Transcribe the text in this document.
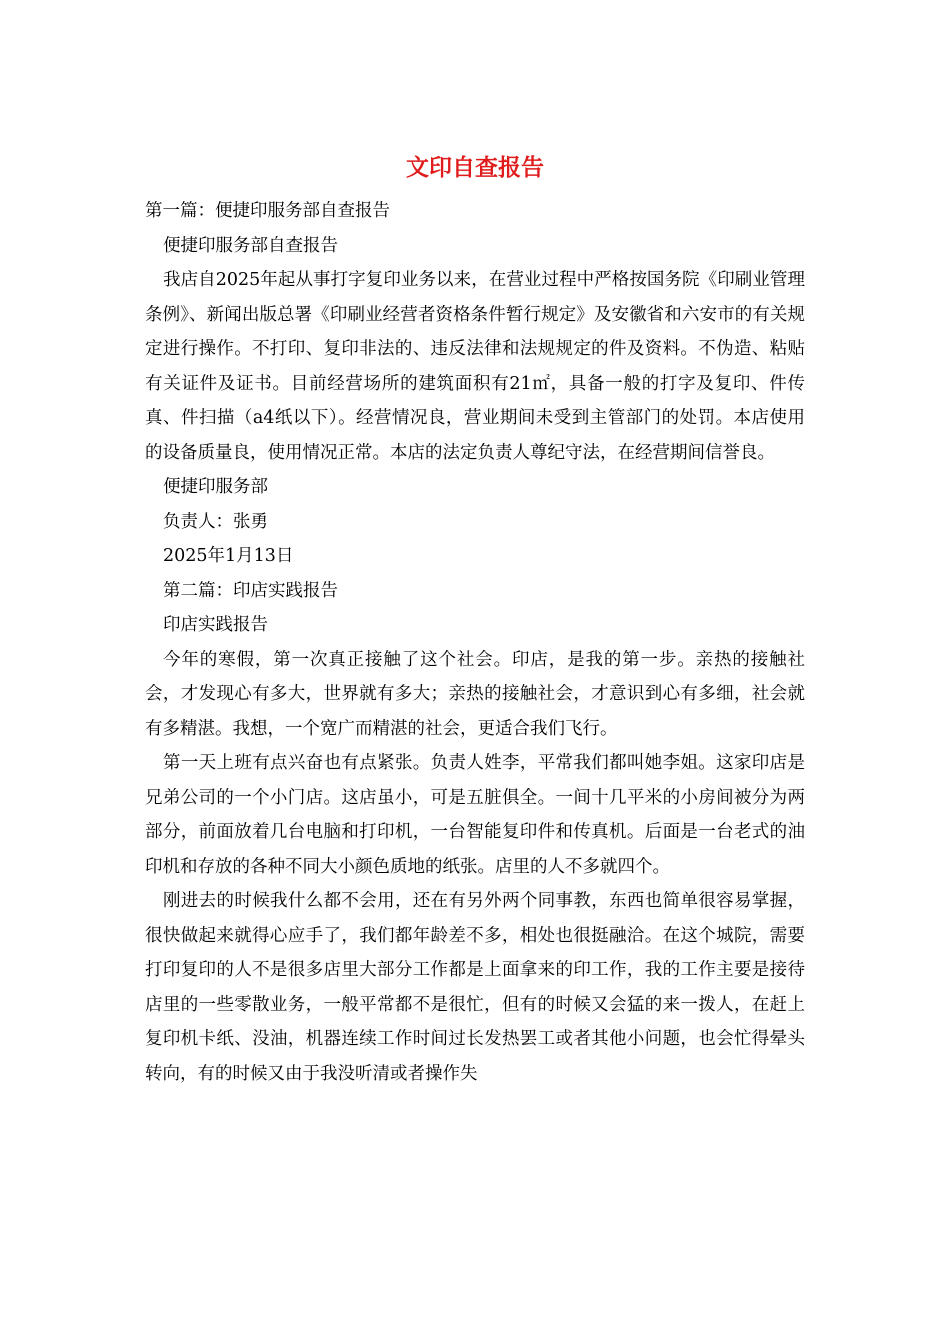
文印自查报告

第一篇：便捷印服务部自查报告

便捷印服务部自查报告

我店自2025年起从事打字复印业务以来，在营业过程中严格按国务院《印刷业管理条例》、新闻出版总署《印刷业经营者资格条件暂行规定》及安徽省和六安市的有关规定进行操作。不打印、复印非法的、违反法律和法规规定的件及资料。不伪造、粘贴有关证件及证书。目前经营场所的建筑面积有21㎡，具备一般的打字及复印、件传真、件扫描（a4纸以下）。经营情况良，营业期间未受到主管部门的处罚。本店使用的设备质量良，使用情况正常。本店的法定负责人尊纪守法，在经营期间信誉良。

便捷印服务部

负责人：张勇

2025年1月13日

第二篇：印店实践报告

印店实践报告

今年的寒假，第一次真正接触了这个社会。印店，是我的第一步。亲热的接触社会，才发现心有多大，世界就有多大；亲热的接触社会，才意识到心有多细，社会就有多精湛。我想，一个宽广而精湛的社会，更适合我们飞行。

第一天上班有点兴奋也有点紧张。负责人姓李，平常我们都叫她李姐。这家印店是兄弟公司的一个小门店。这店虽小，可是五脏俱全。一间十几平米的小房间被分为两部分，前面放着几台电脑和打印机，一台智能复印件和传真机。后面是一台老式的油印机和存放的各种不同大小颜色质地的纸张。店里的人不多就四个。

刚进去的时候我什么都不会用，还在有另外两个同事教，东西也简单很容易掌握，很快做起来就得心应手了，我们都年龄差不多，相处也很挺融洽。在这个城院，需要打印复印的人不是很多店里大部分工作都是上面拿来的印工作，我的工作主要是接待店里的一些零散业务，一般平常都不是很忙，但有的时候又会猛的来一拨人，在赶上复印机卡纸、没油，机器连续工作时间过长发热罢工或者其他小问题，也会忙得晕头转向，有的时候又由于我没听清或者操作失
